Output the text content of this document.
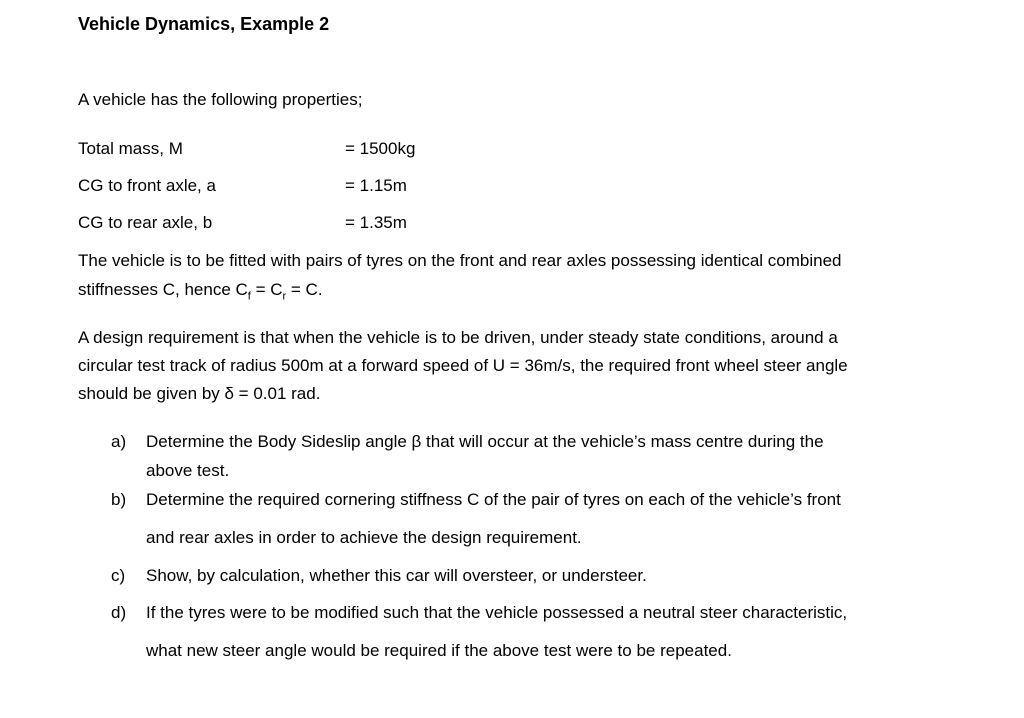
Vehicle Dynamics, Example 2
A vehicle has the following properties;
Total mass, M	= 1500kg
CG to front axle, a	= 1.15m
CG to rear axle, b	= 1.35m
The vehicle is to be fitted with pairs of tyres on the front and rear axles possessing identical combined
stiffnesses C, hence $C_f = C_r = C$.
A design requirement is that when the vehicle is to be driven, under steady state conditions, around a
circular test track of radius 500m at a forward speed of U = 36m/s, the required front wheel steer angle
should be given by δ = 0.01 rad.
a) Determine the Body Sideslip angle β that will occur at the vehicle’s mass centre during the
above test.
b) Determine the required cornering stiffness C of the pair of tyres on each of the vehicle’s front
and rear axles in order to achieve the design requirement.
c) Show, by calculation, whether this car will oversteer, or understeer.
d) If the tyres were to be modified such that the vehicle possessed a neutral steer characteristic,
what new steer angle would be required if the above test were to be repeated.
